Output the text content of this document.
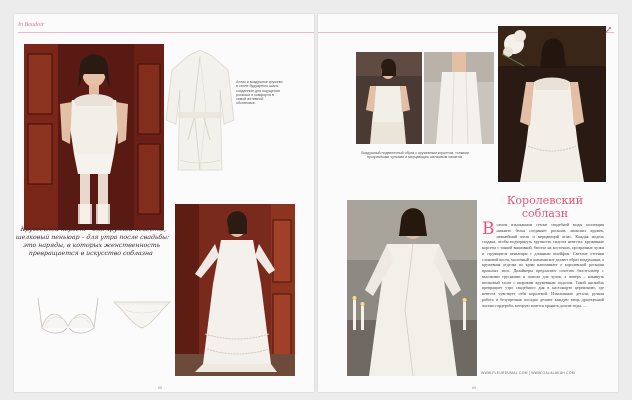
In Boudoir
Атлас и воздушное кружево в стиле будуарного шика, созданные для ощущения роскоши и комфорта в самой интимной обстановке.
Кружевной корсет – для хрупкой невесты, шелковый пеньюар – для утра после свадьбы: это наряды, в которых женственность превращается в искусство соблазна
Воздушный подвенечный образ с кружевным корсетом, тонкими прозрачными чулками и мерцающим шелковым халатом.
Королевский
соблазн
В самом изысканном сезоне свадебной моды коллекция нижнего белья соединяет роскошь лионских кружев, нежнейший шелк и мерцающий атлас. Каждая модель создана, чтобы подчеркнуть хрупкость силуэта невесты: кружевные корсеты с тонкой вышивкой, бюстье на косточках, прозрачные чулки и струящиеся пеньюары с длинным шлейфом. Светлые оттенки слоновой кости, молочный и шампанское делают образ воздушным, а кружевная отделка по краю напоминает о королевской роскоши прошлых эпох. Дизайнеры предлагают сочетать бюстгальтер с высокими трусиками и поясом для чулок, а поверх – накинуть шелковый халат с широким кружевным подолом. Такой ансамбль превращает утро свадебного дня в настоящую церемонию, где невеста чувствует себя королевой. Изысканные детали, ручная работа и безупречная посадка делают каждую вещь драгоценной частью гардероба, которую хочется хранить долгие годы. —
WWW.FLEURDUMAL.COM | WWW.GALALAKAH.COM
68	69
